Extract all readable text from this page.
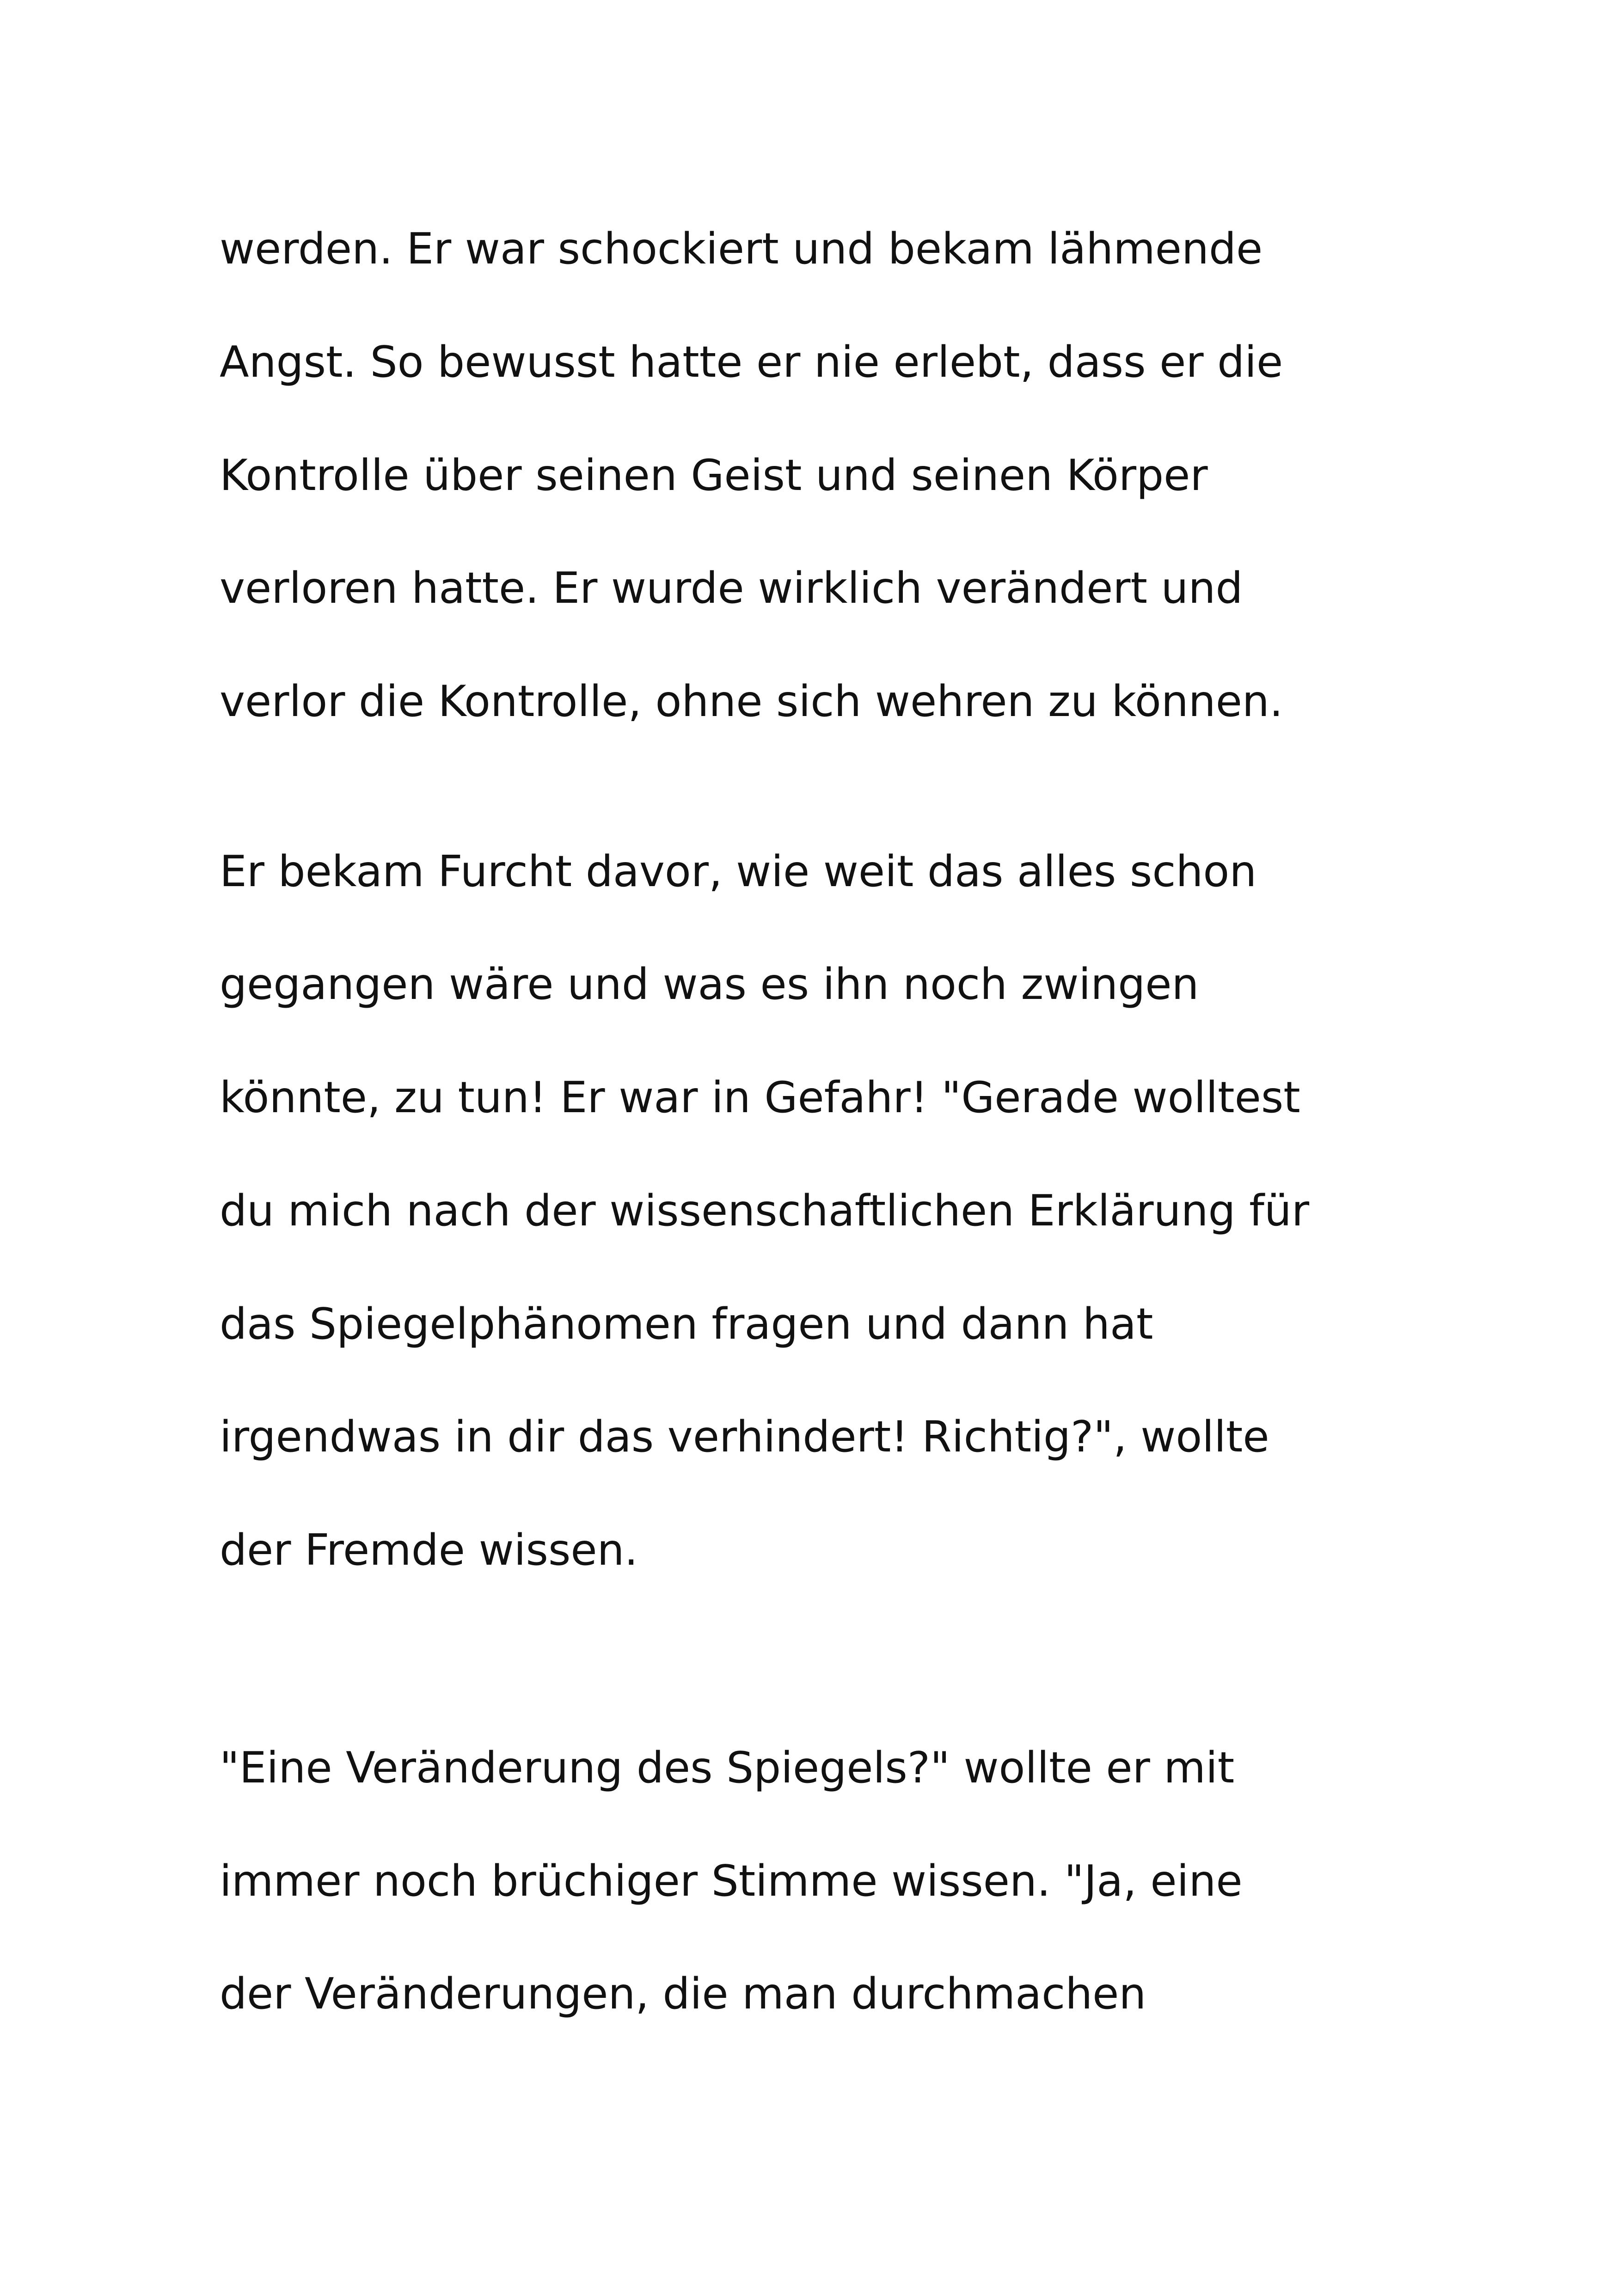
werden. Er war schockiert und bekam lähmende

Angst. So bewusst hatte er nie erlebt, dass er die

Kontrolle über seinen Geist und seinen Körper

verloren hatte. Er wurde wirklich verändert und

verlor die Kontrolle, ohne sich wehren zu können.

Er bekam Furcht davor, wie weit das alles schon

gegangen wäre und was es ihn noch zwingen

könnte, zu tun! Er war in Gefahr! "Gerade wolltest

du mich nach der wissenschaftlichen Erklärung für

das Spiegelphänomen fragen und dann hat

irgendwas in dir das verhindert! Richtig?", wollte

der Fremde wissen.

"Eine Veränderung des Spiegels?" wollte er mit

immer noch brüchiger Stimme wissen. "Ja, eine

der Veränderungen, die man durchmachen
